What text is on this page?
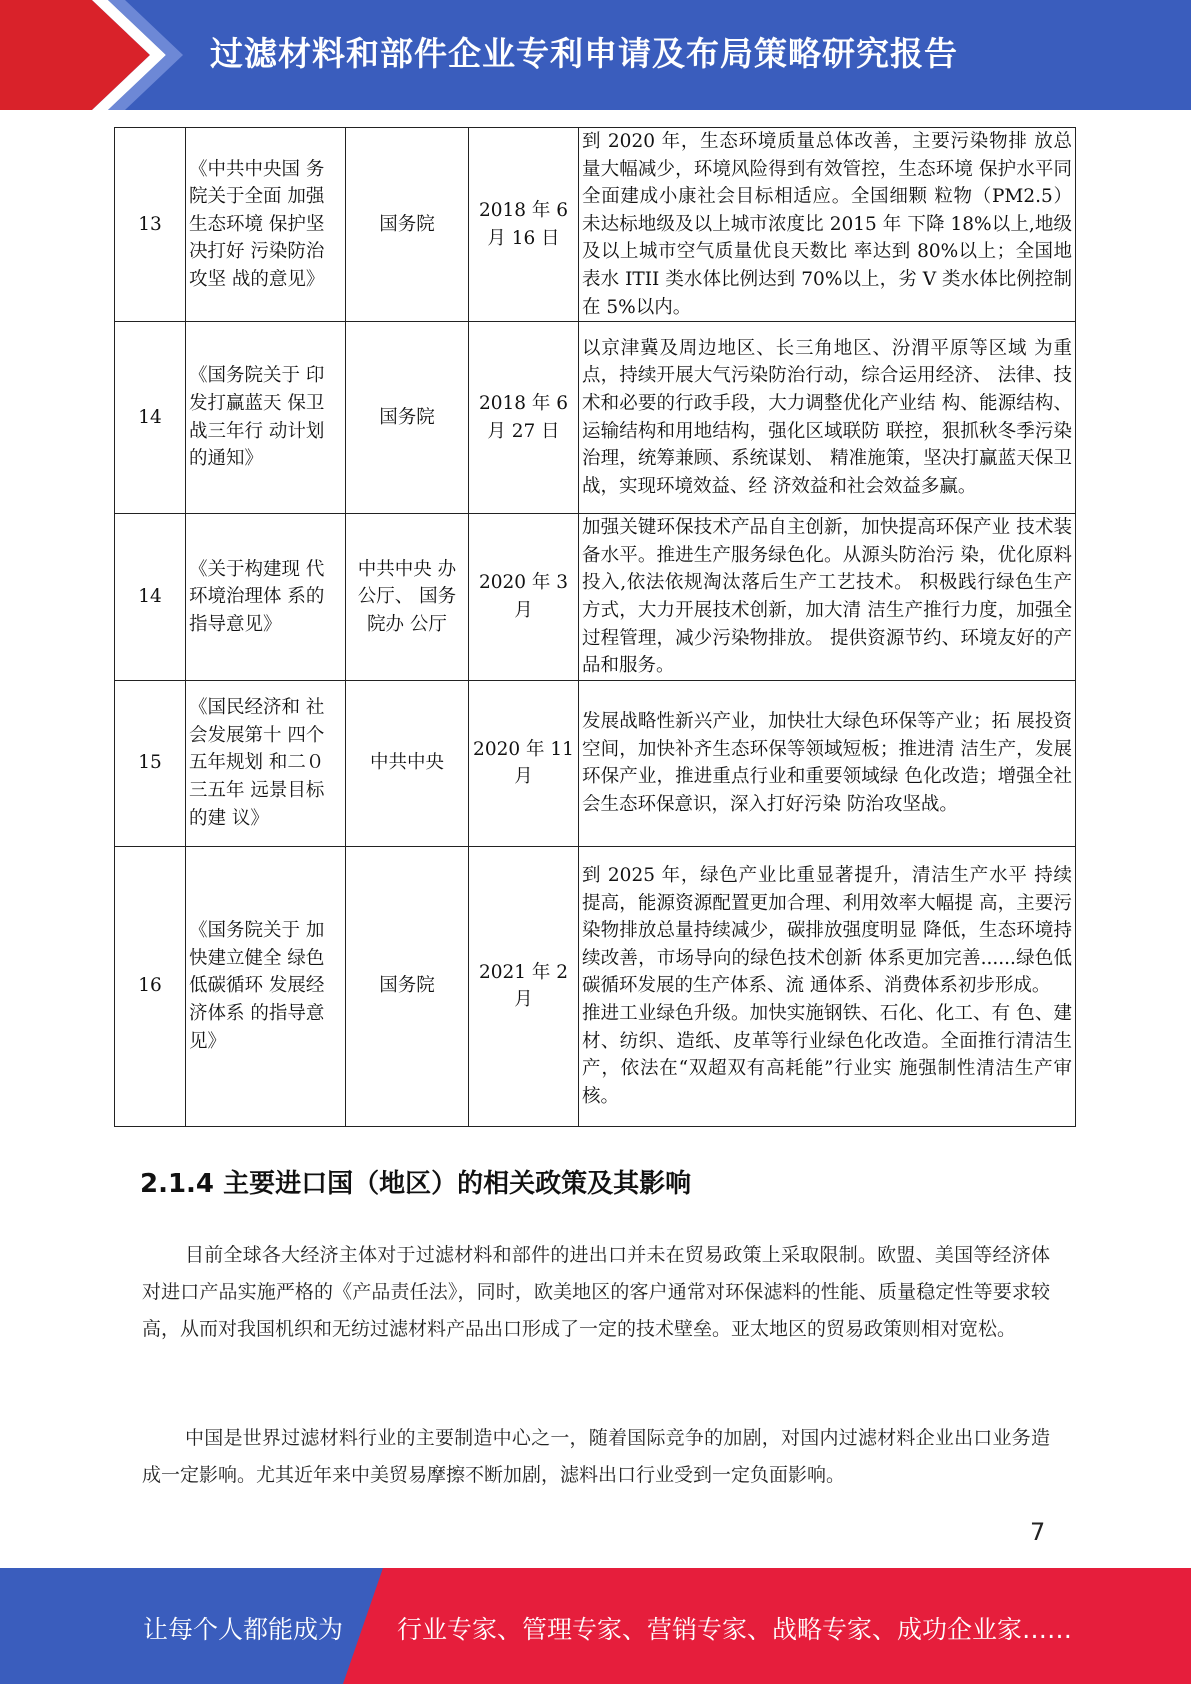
过滤材料和部件企业专利申请及布局策略研究报告
13	《中共中央国 务院关于全面 加强生态环境 保护坚决打好 污染防治攻坚 战的意见》	国务院	2018 年 6 月 16 日	到 2020 年，生态环境质量总体改善，主要污染物排 放总量大幅减少，环境风险得到有效管控，生态环境 保护水平同全面建成小康社会目标相适应。全国细颗 粒物（PM2.5）未达标地级及以上城市浓度比 2015 年 下降 18%以上,地级及以上城市空气质量优良天数比 率达到 80%以上；全国地表水 ITII 类水体比例达到 70%以上，劣 V 类水体比例控制在 5%以内。
14	《国务院关于 印发打赢蓝天 保卫战三年行 动计划的通知》	国务院	2018 年 6 月 27 日	以京津冀及周边地区、长三角地区、汾渭平原等区域 为重点，持续开展大气污染防治行动，综合运用经济、 法律、技术和必要的行政手段，大力调整优化产业结 构、能源结构、运输结构和用地结构，强化区域联防 联控，狠抓秋冬季污染治理，统筹兼顾、系统谋划、 精准施策，坚决打赢蓝天保卫战，实现环境效益、经 济效益和社会效益多赢。
14	《关于构建现 代环境治理体 系的指导意见》	中共中央 办公厅、 国务院办 公厅	2020 年 3 月	加强关键环保技术产品自主创新，加快提高环保产业 技术装备水平。推进生产服务绿色化。从源头防治污 染，优化原料投入,依法依规淘汰落后生产工艺技术。 积极践行绿色生产方式，大力开展技术创新，加大清 洁生产推行力度，加强全过程管理，减少污染物排放。 提供资源节约、环境友好的产品和服务。
15	《国民经济和 社会发展第十 四个五年规划 和二０三五年 远景目标的建 议》	中共中央	2020 年 11 月	发展战略性新兴产业，加快壮大绿色环保等产业；拓 展投资空间，加快补齐生态环保等领域短板；推进清 洁生产，发展环保产业，推进重点行业和重要领域绿 色化改造；增强全社会生态环保意识，深入打好污染 防治攻坚战。
16	《国务院关于 加快建立健全 绿色低碳循环 发展经济体系 的指导意见》	国务院	2021 年 2 月	到 2025 年，绿色产业比重显著提升，清洁生产水平 持续提高，能源资源配置更加合理、利用效率大幅提 高，主要污染物排放总量持续减少，碳排放强度明显 降低，生态环境持续改善，市场导向的绿色技术创新 体系更加完善......绿色低碳循环发展的生产体系、流 通体系、消费体系初步形成。
推进工业绿色升级。加快实施钢铁、石化、化工、有 色、建材、纺织、造纸、皮革等行业绿色化改造。全面推行清洁生产，依法在“双超双有高耗能”行业实 施强制性清洁生产审核。
2.1.4 主要进口国（地区）的相关政策及其影响

目前全球各大经济主体对于过滤材料和部件的进出口并未在贸易政策上采取限制。欧盟、美国等经济体对进口产品实施严格的《产品责任法》，同时，欧美地区的客户通常对环保滤料的性能、质量稳定性等要求较高，从而对我国机织和无纺过滤材料产品出口形成了一定的技术壁垒。亚太地区的贸易政策则相对宽松。

中国是世界过滤材料行业的主要制造中心之一，随着国际竞争的加剧，对国内过滤材料企业出口业务造成一定影响。尤其近年来中美贸易摩擦不断加剧，滤料出口行业受到一定负面影响。

7
让每个人都能成为 行业专家、管理专家、营销专家、战略专家、成功企业家……
